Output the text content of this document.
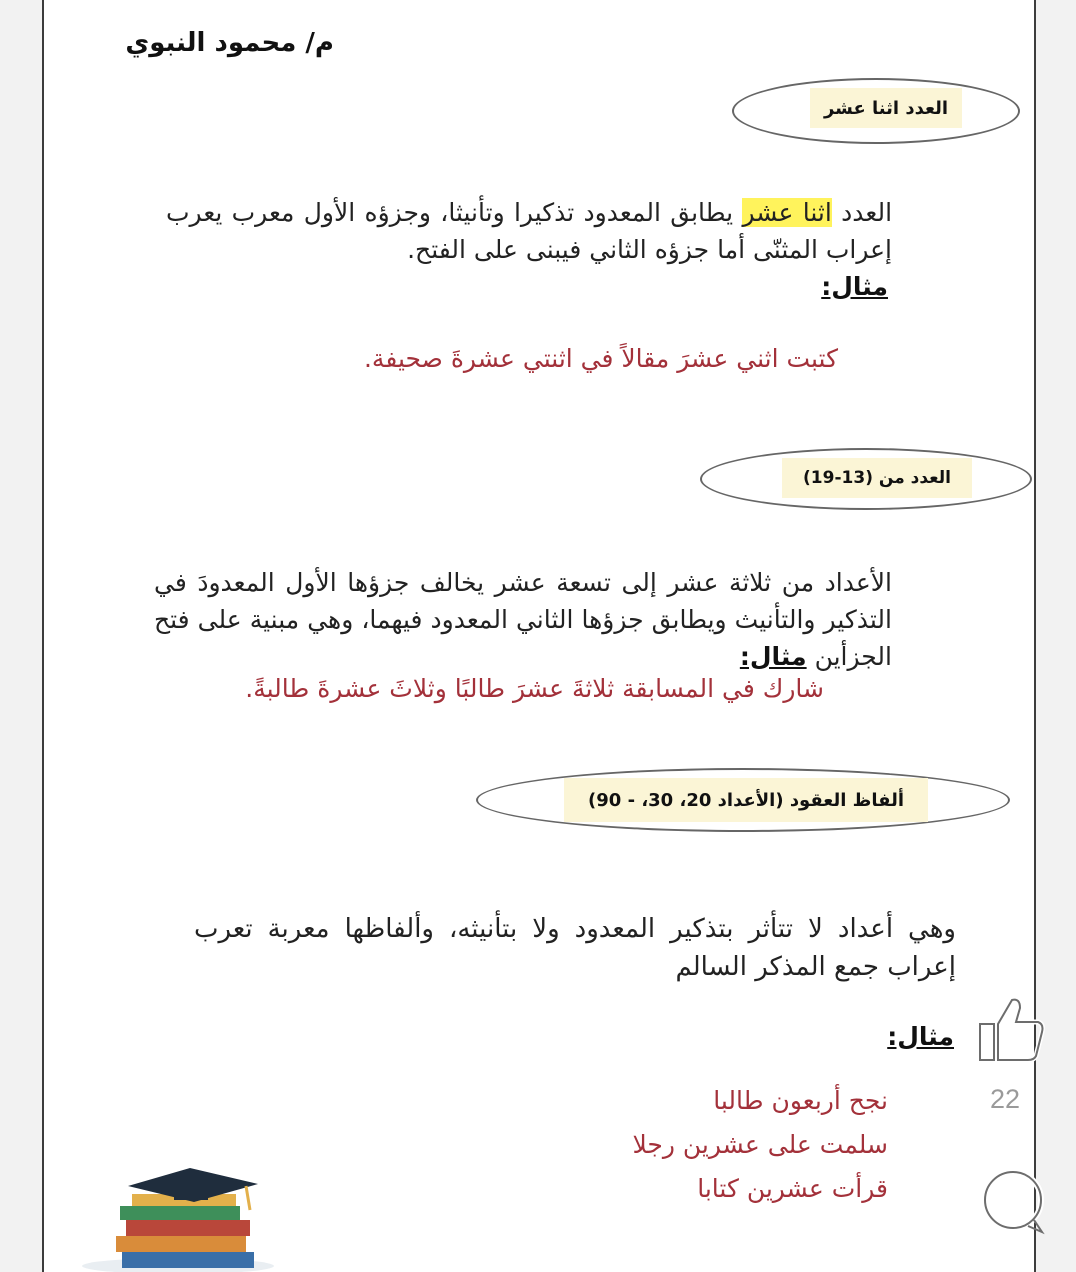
م/ محمود النبوي
العدد اثنا عشر
العدد اثنا عشر يطابق المعدود تذكيرا وتأنيثا، وجزؤه الأول معرب يعرب إعراب المثنّى أما جزؤه الثاني فيبنى على الفتح.
مثال:
كتبت اثني عشرَ مقالاً في اثنتي عشرةَ صحيفة.
العدد من (13-19)
الأعداد من ثلاثة عشر إلى تسعة عشر يخالف جزؤها الأول المعدودَ في التذكير والتأنيث ويطابق جزؤها الثاني المعدود فيهما، وهي مبنية على فتح الجزأين مثال:
شارك في المسابقة ثلاثةَ عشرَ طالبًا وثلاثَ عشرةَ طالبةً.
ألفاظ العقود (الأعداد 20، 30، - 90)
وهي أعداد لا تتأثر بتذكير المعدود ولا بتأنيثه، وألفاظها معربة تعرب إعراب جمع المذكر السالم
مثال:
نجح أربعون طالبا
سلمت على عشرين رجلا
قرأت عشرين كتابا
22
